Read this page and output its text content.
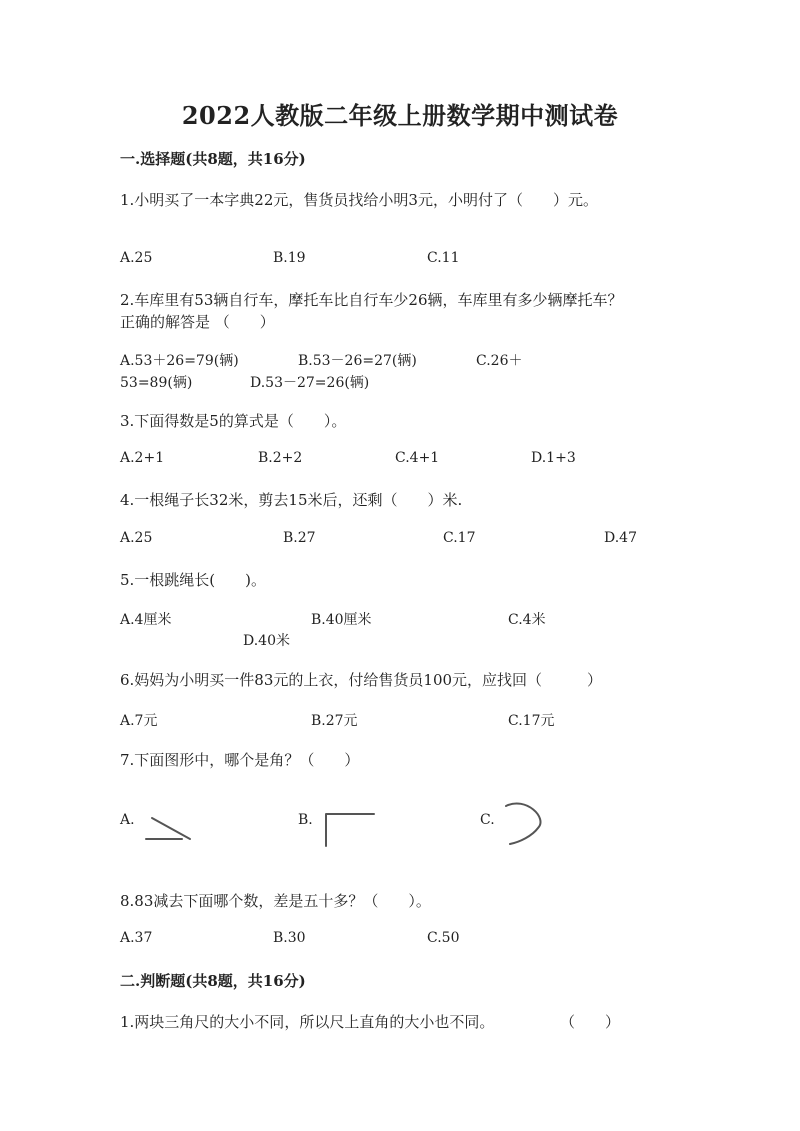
2022人教版二年级上册数学期中测试卷
一.选择题(共8题，共16分)
1.小明买了一本字典22元，售货员找给小明3元，小明付了（　　）元。
A.25	B.19	C.11
2.车库里有53辆自行车，摩托车比自行车少26辆，车库里有多少辆摩托车？
正确的解答是 （　　）
A.53＋26=79(辆)	B.53－26=27(辆)	C.26＋
53=89(辆)	D.53－27=26(辆)
3.下面得数是5的算式是（　　）。
A.2+1	B.2+2	C.4+1	D.1+3
4.一根绳子长32米，剪去15米后，还剩（　　）米.
A.25	B.27	C.17	D.47
5.一根跳绳长(　　)。
A.4厘米	B.40厘米	C.4米
D.40米
6.妈妈为小明买一件83元的上衣，付给售货员100元，应找回（　　　）
A.7元	B.27元	C.17元
7.下面图形中，哪个是角？（　　）
A.	B.	C.
8.83减去下面哪个数，差是五十多？（　　）。
A.37	B.30	C.50
二.判断题(共8题，共16分)
1.两块三角尺的大小不同，所以尺上直角的大小也不同。	（　　）
